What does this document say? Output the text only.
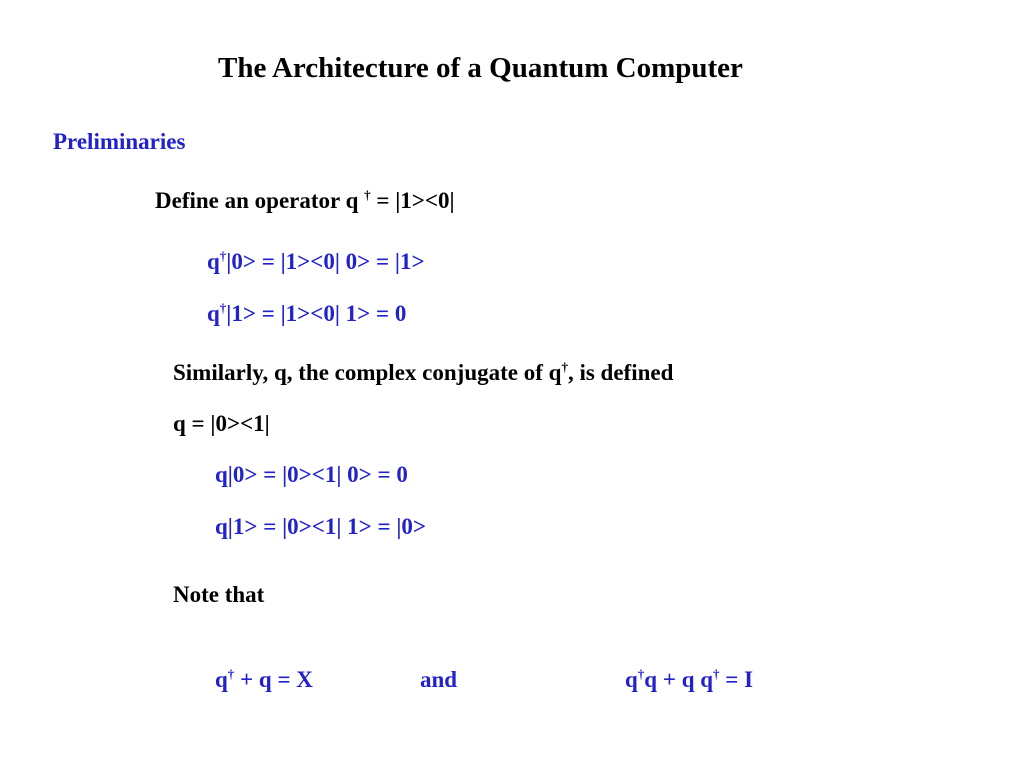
The Architecture of a Quantum Computer
Preliminaries
Define an operator q † = |1><0|
q†|0> = |1><0| 0> = |1>
q†|1> = |1><0| 1> = 0
Similarly, q, the complex conjugate of q†, is defined
q = |0><1|
q|0> = |0><1| 0> = 0
q|1> = |0><1| 1> = |0>
Note that
q† + q = X	and	q†q + q q† = I
